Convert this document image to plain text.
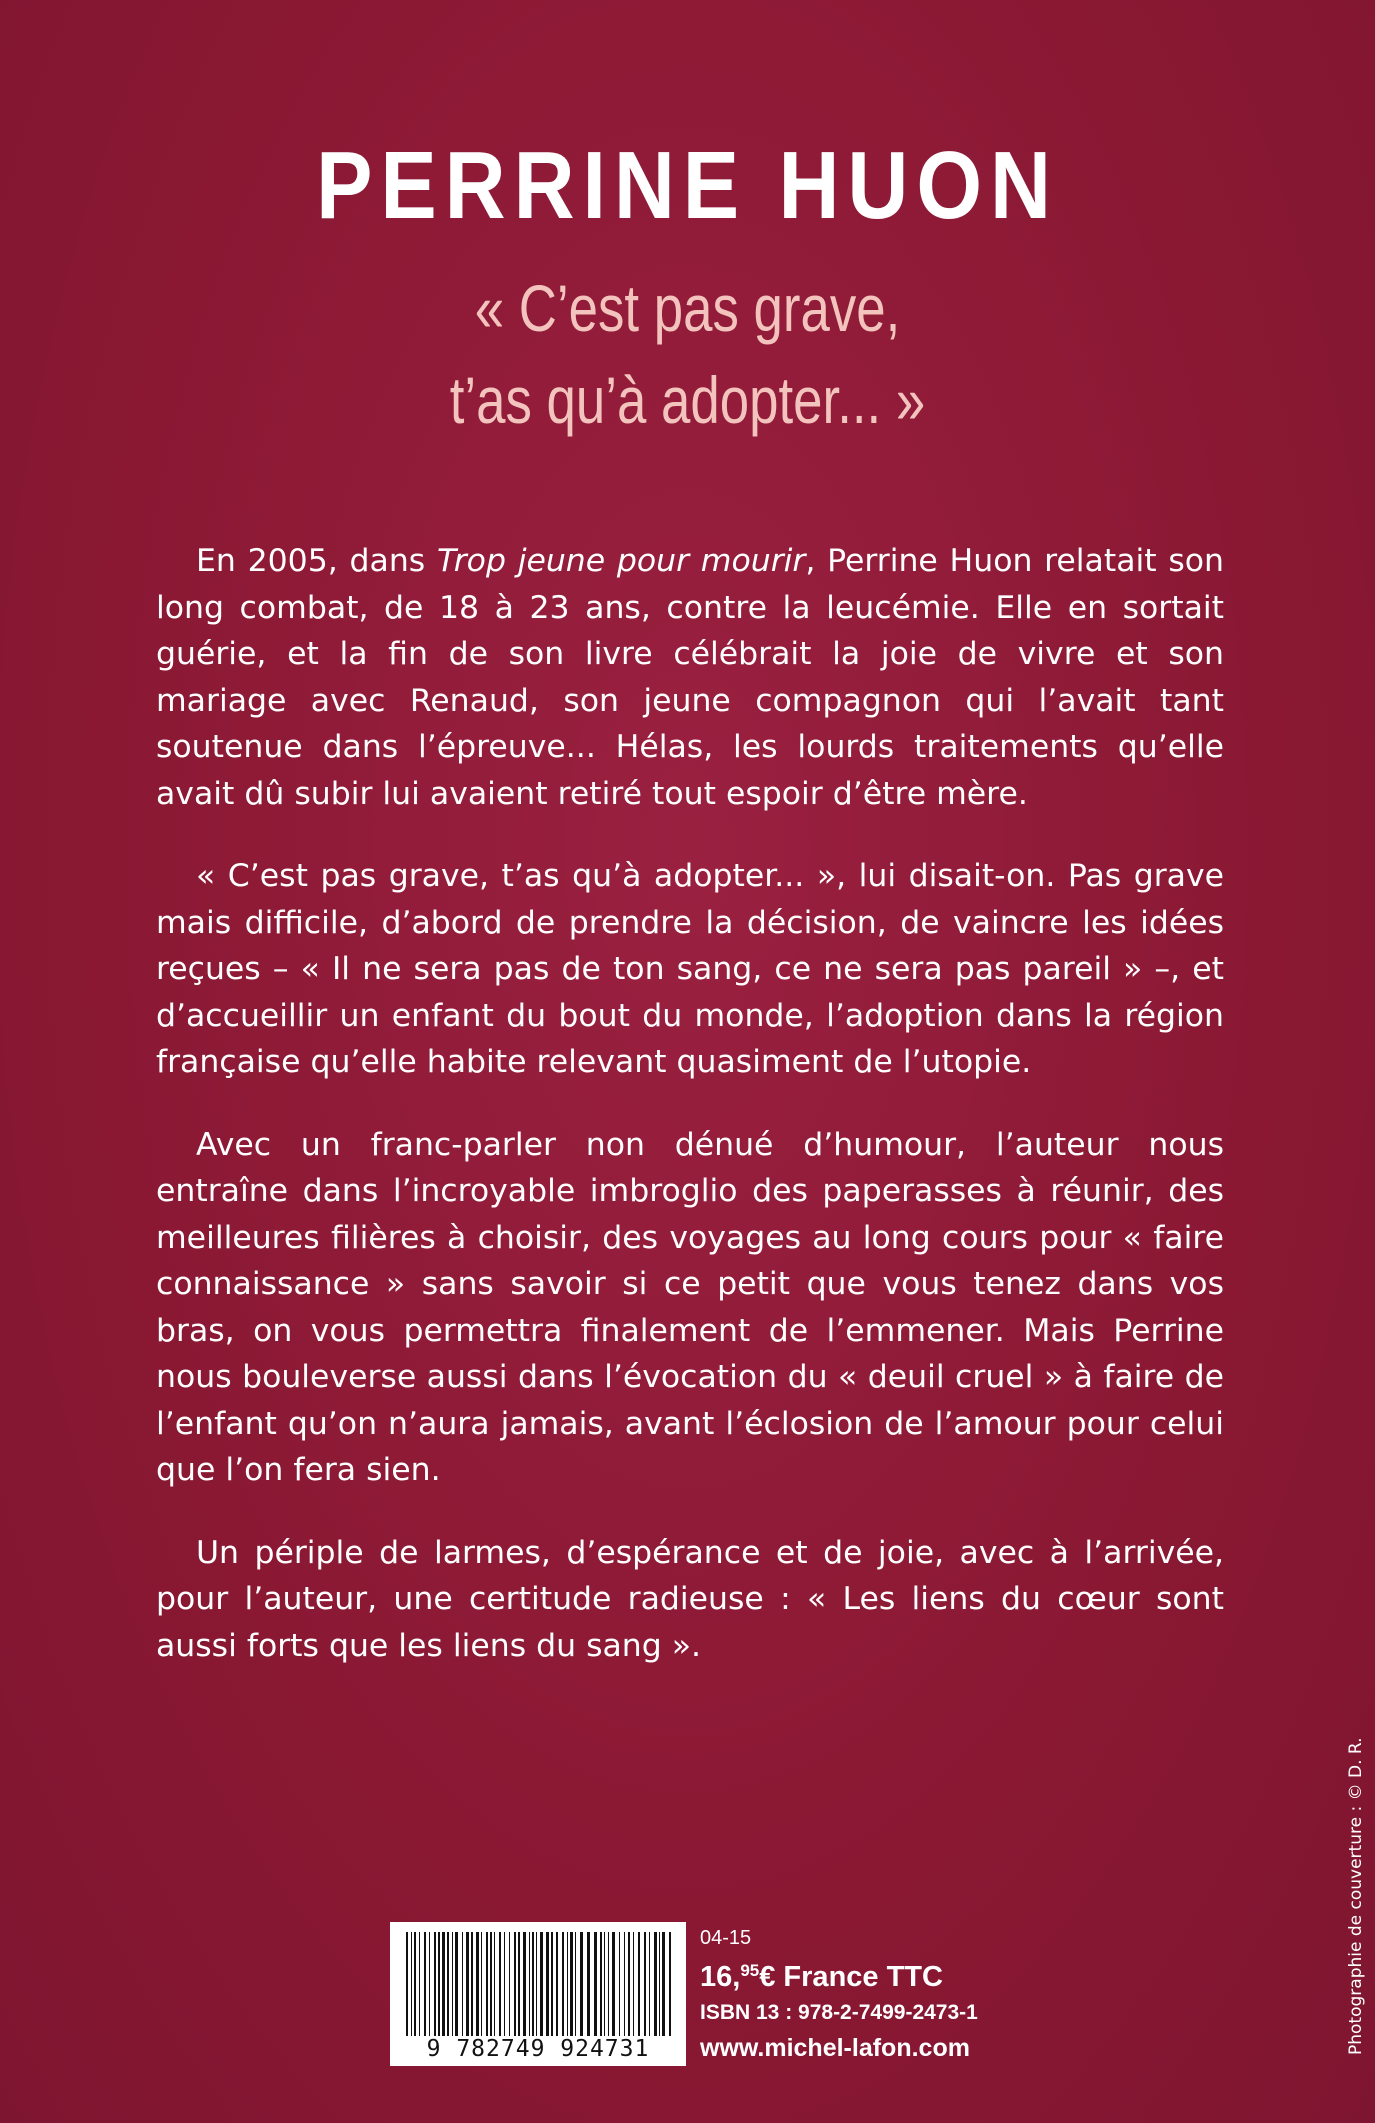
PERRINE HUON
« C’est pas grave,
t’as qu’à adopter... »

En 2005, dans Trop jeune pour mourir, Perrine Huon relatait son long combat, de 18 à 23 ans, contre la leucémie. Elle en sortait guérie, et la fin de son livre célébrait la joie de vivre et son mariage avec Renaud, son jeune compagnon qui l’avait tant soutenue dans l’épreuve... Hélas, les lourds traitements qu’elle avait dû subir lui avaient retiré tout espoir d’être mère.

« C’est pas grave, t’as qu’à adopter... », lui disait-on. Pas grave mais difficile, d’abord de prendre la décision, de vaincre les idées reçues – « Il ne sera pas de ton sang, ce ne sera pas pareil » –, et d’accueillir un enfant du bout du monde, l’adoption dans la région française qu’elle habite relevant quasiment de l’utopie.

Avec un franc-parler non dénué d’humour, l’auteur nous entraîne dans l’incroyable imbroglio des paperasses à réunir, des meilleures filières à choisir, des voyages au long cours pour « faire connaissance » sans savoir si ce petit que vous tenez dans vos bras, on vous permettra finalement de l’emmener. Mais Perrine nous bouleverse aussi dans l’évocation du « deuil cruel » à faire de l’enfant qu’on n’aura jamais, avant l’éclosion de l’amour pour celui que l’on fera sien.

Un périple de larmes, d’espérance et de joie, avec à l’arrivée, pour l’auteur, une certitude radieuse : « Les liens du cœur sont aussi forts que les liens du sang ».

Photographie de couverture : © D. R.
9 782749 924731
04-15
16,95€ France TTC
ISBN 13 : 978-2-7499-2473-1
www.michel-lafon.com
